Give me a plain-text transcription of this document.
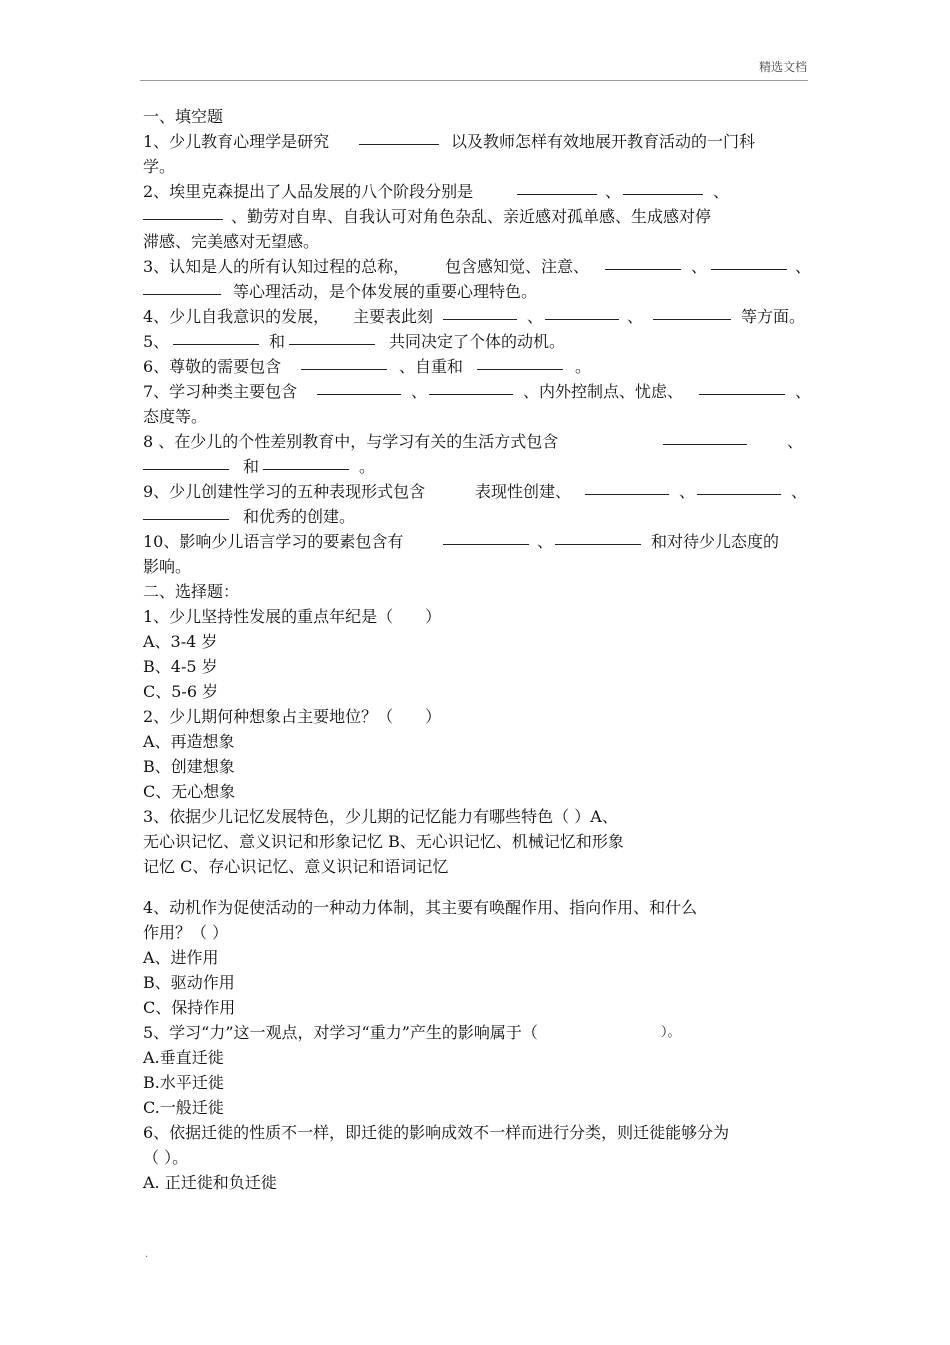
精选文档
一、填空题
1、少儿教育心理学是研究	以及教师怎样有效地展开教育活动的一门科
学。
2、埃里克森提出了人品发展的八个阶段分别是	、	、
、勤劳对自卑、自我认可对角色杂乱、亲近感对孤单感、生成感对停
滞感、完美感对无望感。
3、认知是人的所有认知过程的总称， 包含感知觉、注意、	、	、
等心理活动，是个体发展的重要心理特色。
4、少儿自我意识的发展， 主要表此刻	、	、	等方面。
5、	和	共同决定了个体的动机。
6、尊敬的需要包含	、自重和	。
7、学习种类主要包含	、	、内外控制点、忧虑、	、
态度等。
8 、在少儿的个性差别教育中，与学习有关的生活方式包含	、
和	。
9、少儿创建性学习的五种表现形式包含	表现性创建、	、	、
和优秀的创建。
10、影响少儿语言学习的要素包含有	、	和对待少儿态度的
影响。
二、选择题：
1、少儿坚持性发展的重点年纪是（　　）
A、3-4 岁
B、4-5 岁
C、5-6 岁
2、少儿期何种想象占主要地位？（　　）
A、再造想象
B、创建想象
C、无心想象
3、依据少儿记忆发展特色，少儿期的记忆能力有哪些特色（ ）A、
无心识记忆、意义识记和形象记忆 B、无心识记忆、机械记忆和形象
记忆 C、存心识记忆、意义识记和语词记忆
4、动机作为促使活动的一种动力体制，其主要有唤醒作用、指向作用、和什么
作用？（ ）
A、进作用
B、驱动作用
C、保持作用
5、学习“力”这一观点，对学习“重力”产生的影响属于（	）。
A.垂直迁徙
B.水平迁徙
C.一般迁徙
6、依据迁徙的性质不一样，即迁徙的影响成效不一样而进行分类，则迁徙能够分为
（ ）。
A. 正迁徙和负迁徙
.
